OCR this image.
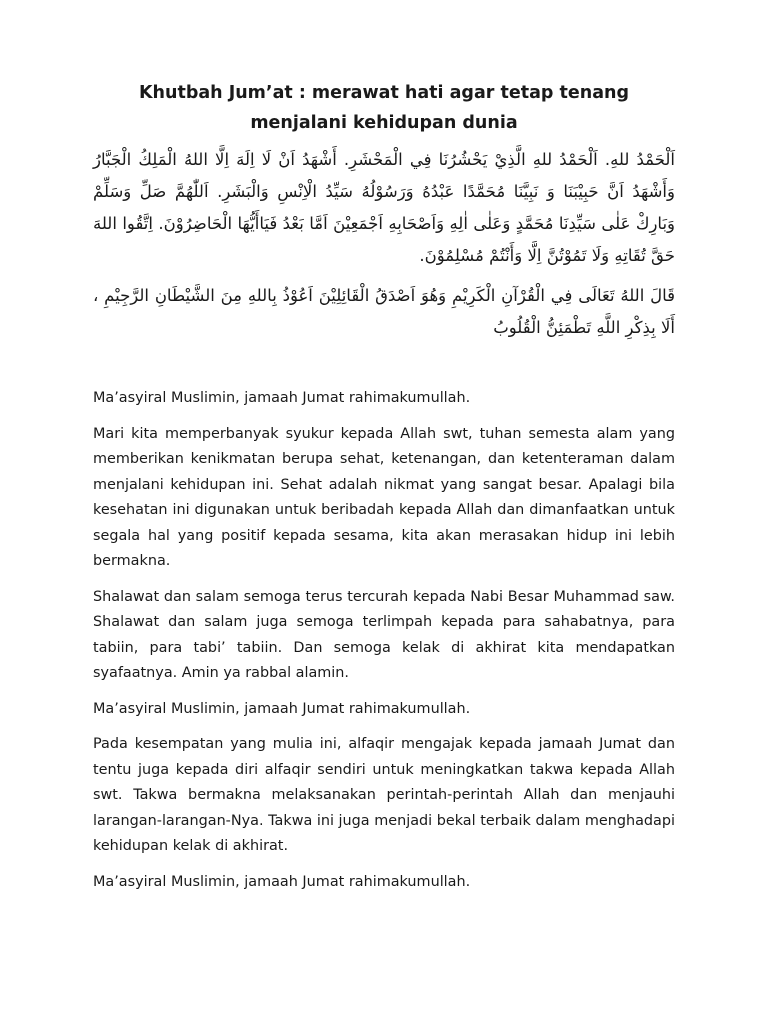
Khutbah Jum’at : merawat hati agar tetap tenang menjalani kehidupan dunia

اَلْحَمْدُ للهِ. اَلْحَمْدُ للهِ الَّذِيْ يَحْشُرُنَا فِي الْمَحْشَرِ. أَشْهَدُ اَنْ لَا اِلَهَ اِلَّا اللهُ الْمَلِكُ الْجَبَّارُ وَأَشْهَدُ اَنَّ حَبِيْبَنَا وَ نَبِيَّنَا مُحَمَّدًا عَبْدُهُ وَرَسُوْلُهُ سَيِّدُ الْاِنْسِ وَالْبَشَرِ. اَللّٰهُمَّ صَلِّ وَسَلِّمْ وَبَارِكْ عَلٰى سَيِّدِنَا مُحَمَّدٍ وَعَلٰى اٰلِهِ وَاَصْحَابِهِ اَجْمَعِيْنَ اَمَّا بَعْدُ فَيَاأَيُّهَا الْحَاضِرُوْنَ. اِتَّقُوا اللهَ حَقَّ تُقَاتِهِ وَلَا تَمُوْتُنَّ اِلَّا وَأَنْتُمْ مُسْلِمُوْنَ.

قَالَ اللهُ تَعَالَى فِي الْقُرْآنِ الْكَرِيْمِ وَهُوَ اَصْدَقُ الْقَائِلِيْنَ اَعُوْذُ بِاللهِ مِنَ الشَّيْطَانِ الرَّجِيْمِ ، أَلَا بِذِكْرِ اللَّهِ تَطْمَئِنُّ الْقُلُوبُ

Ma’asyiral Muslimin, jamaah Jumat rahimakumullah.

Mari kita memperbanyak syukur kepada Allah swt, tuhan semesta alam yang memberikan kenikmatan berupa sehat, ketenangan, dan ketenteraman dalam menjalani kehidupan ini. Sehat adalah nikmat yang sangat besar. Apalagi bila kesehatan ini digunakan untuk beribadah kepada Allah dan dimanfaatkan untuk segala hal yang positif kepada sesama, kita akan merasakan hidup ini lebih bermakna.

Shalawat dan salam semoga terus tercurah kepada Nabi Besar Muhammad saw. Shalawat dan salam juga semoga terlimpah kepada para sahabatnya, para tabiin, para tabi’ tabiin. Dan semoga kelak di akhirat kita mendapatkan syafaatnya. Amin ya rabbal alamin.

Ma’asyiral Muslimin, jamaah Jumat rahimakumullah.

Pada kesempatan yang mulia ini, alfaqir mengajak kepada jamaah Jumat dan tentu juga kepada diri alfaqir sendiri untuk meningkatkan takwa kepada Allah swt. Takwa bermakna melaksanakan perintah-perintah Allah dan menjauhi larangan-larangan-Nya. Takwa ini juga menjadi bekal terbaik dalam menghadapi kehidupan kelak di akhirat.

Ma’asyiral Muslimin, jamaah Jumat rahimakumullah.
